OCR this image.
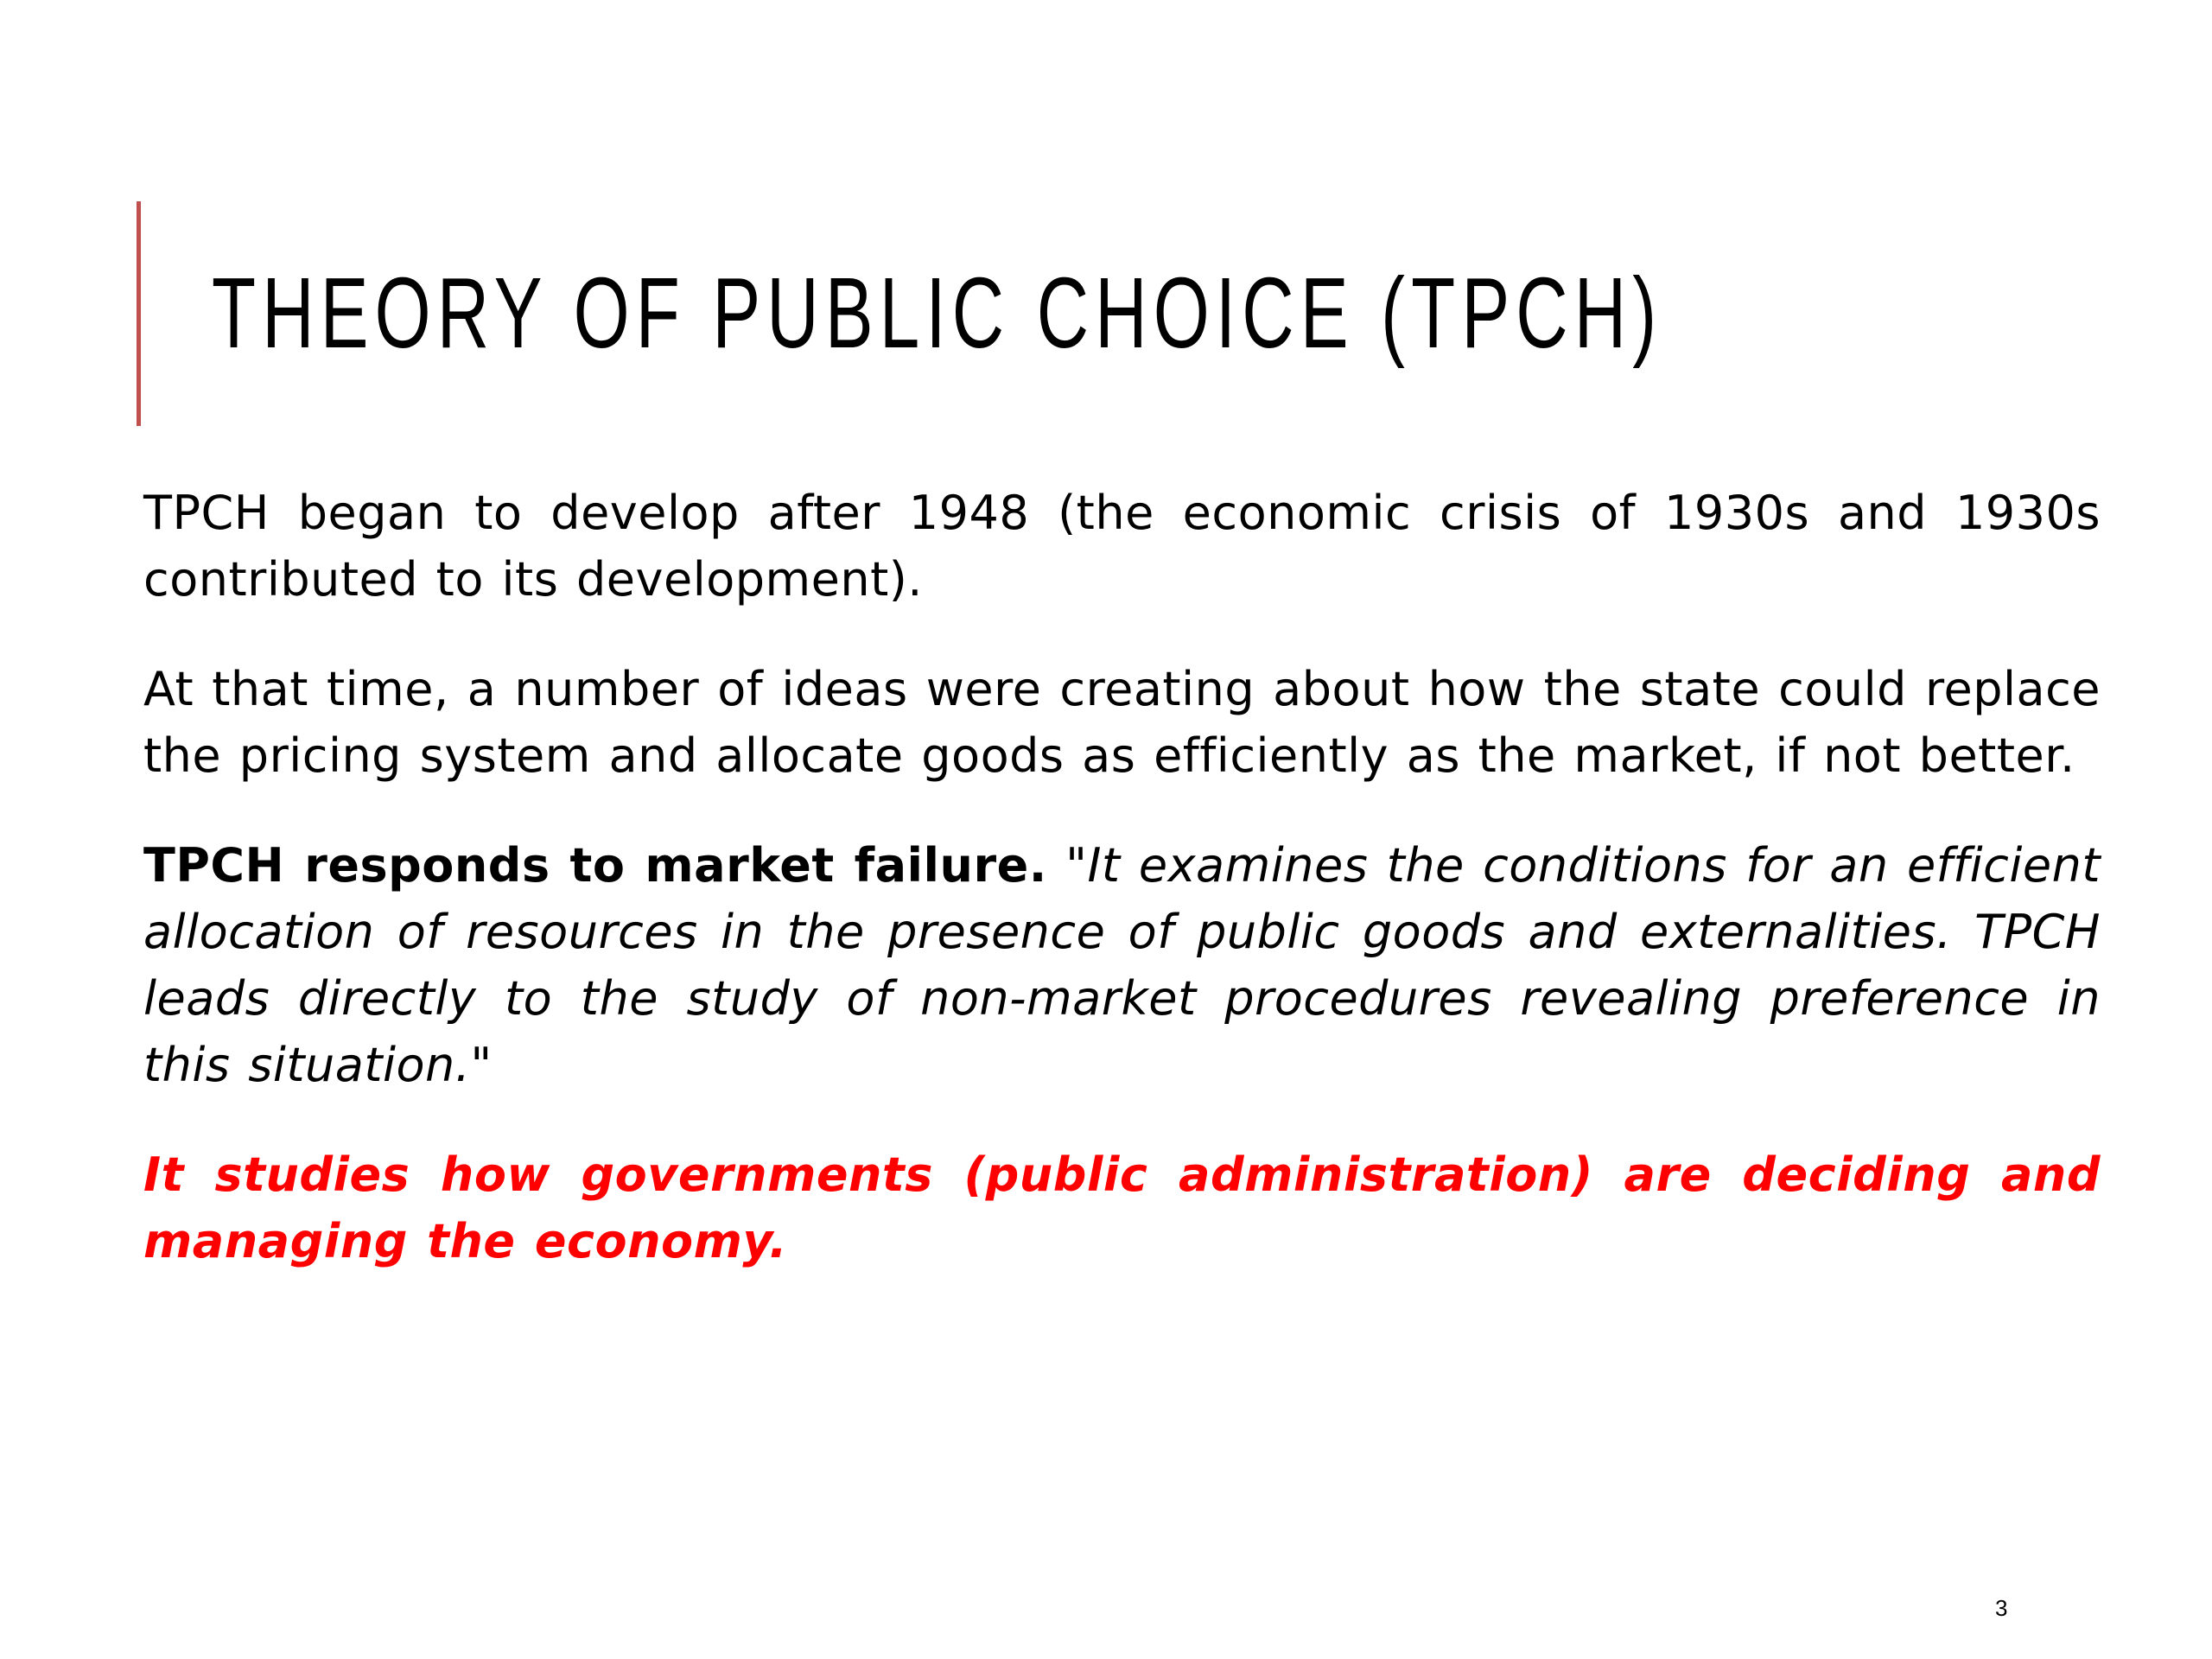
THEORY OF PUBLIC CHOICE (TPCH)

TPCH began to develop after 1948 (the economic crisis of 1930s and 1930s contributed to its development).

At that time, a number of ideas were creating about how the state could replace the pricing system and allocate goods as efficiently as the market, if not better.

TPCH responds to market failure. "It examines the conditions for an efficient allocation of resources in the presence of public goods and externalities. TPCH leads directly to the study of non-market procedures revealing preference in this situation."

It studies how governments (public administration) are deciding and managing the economy.

3
